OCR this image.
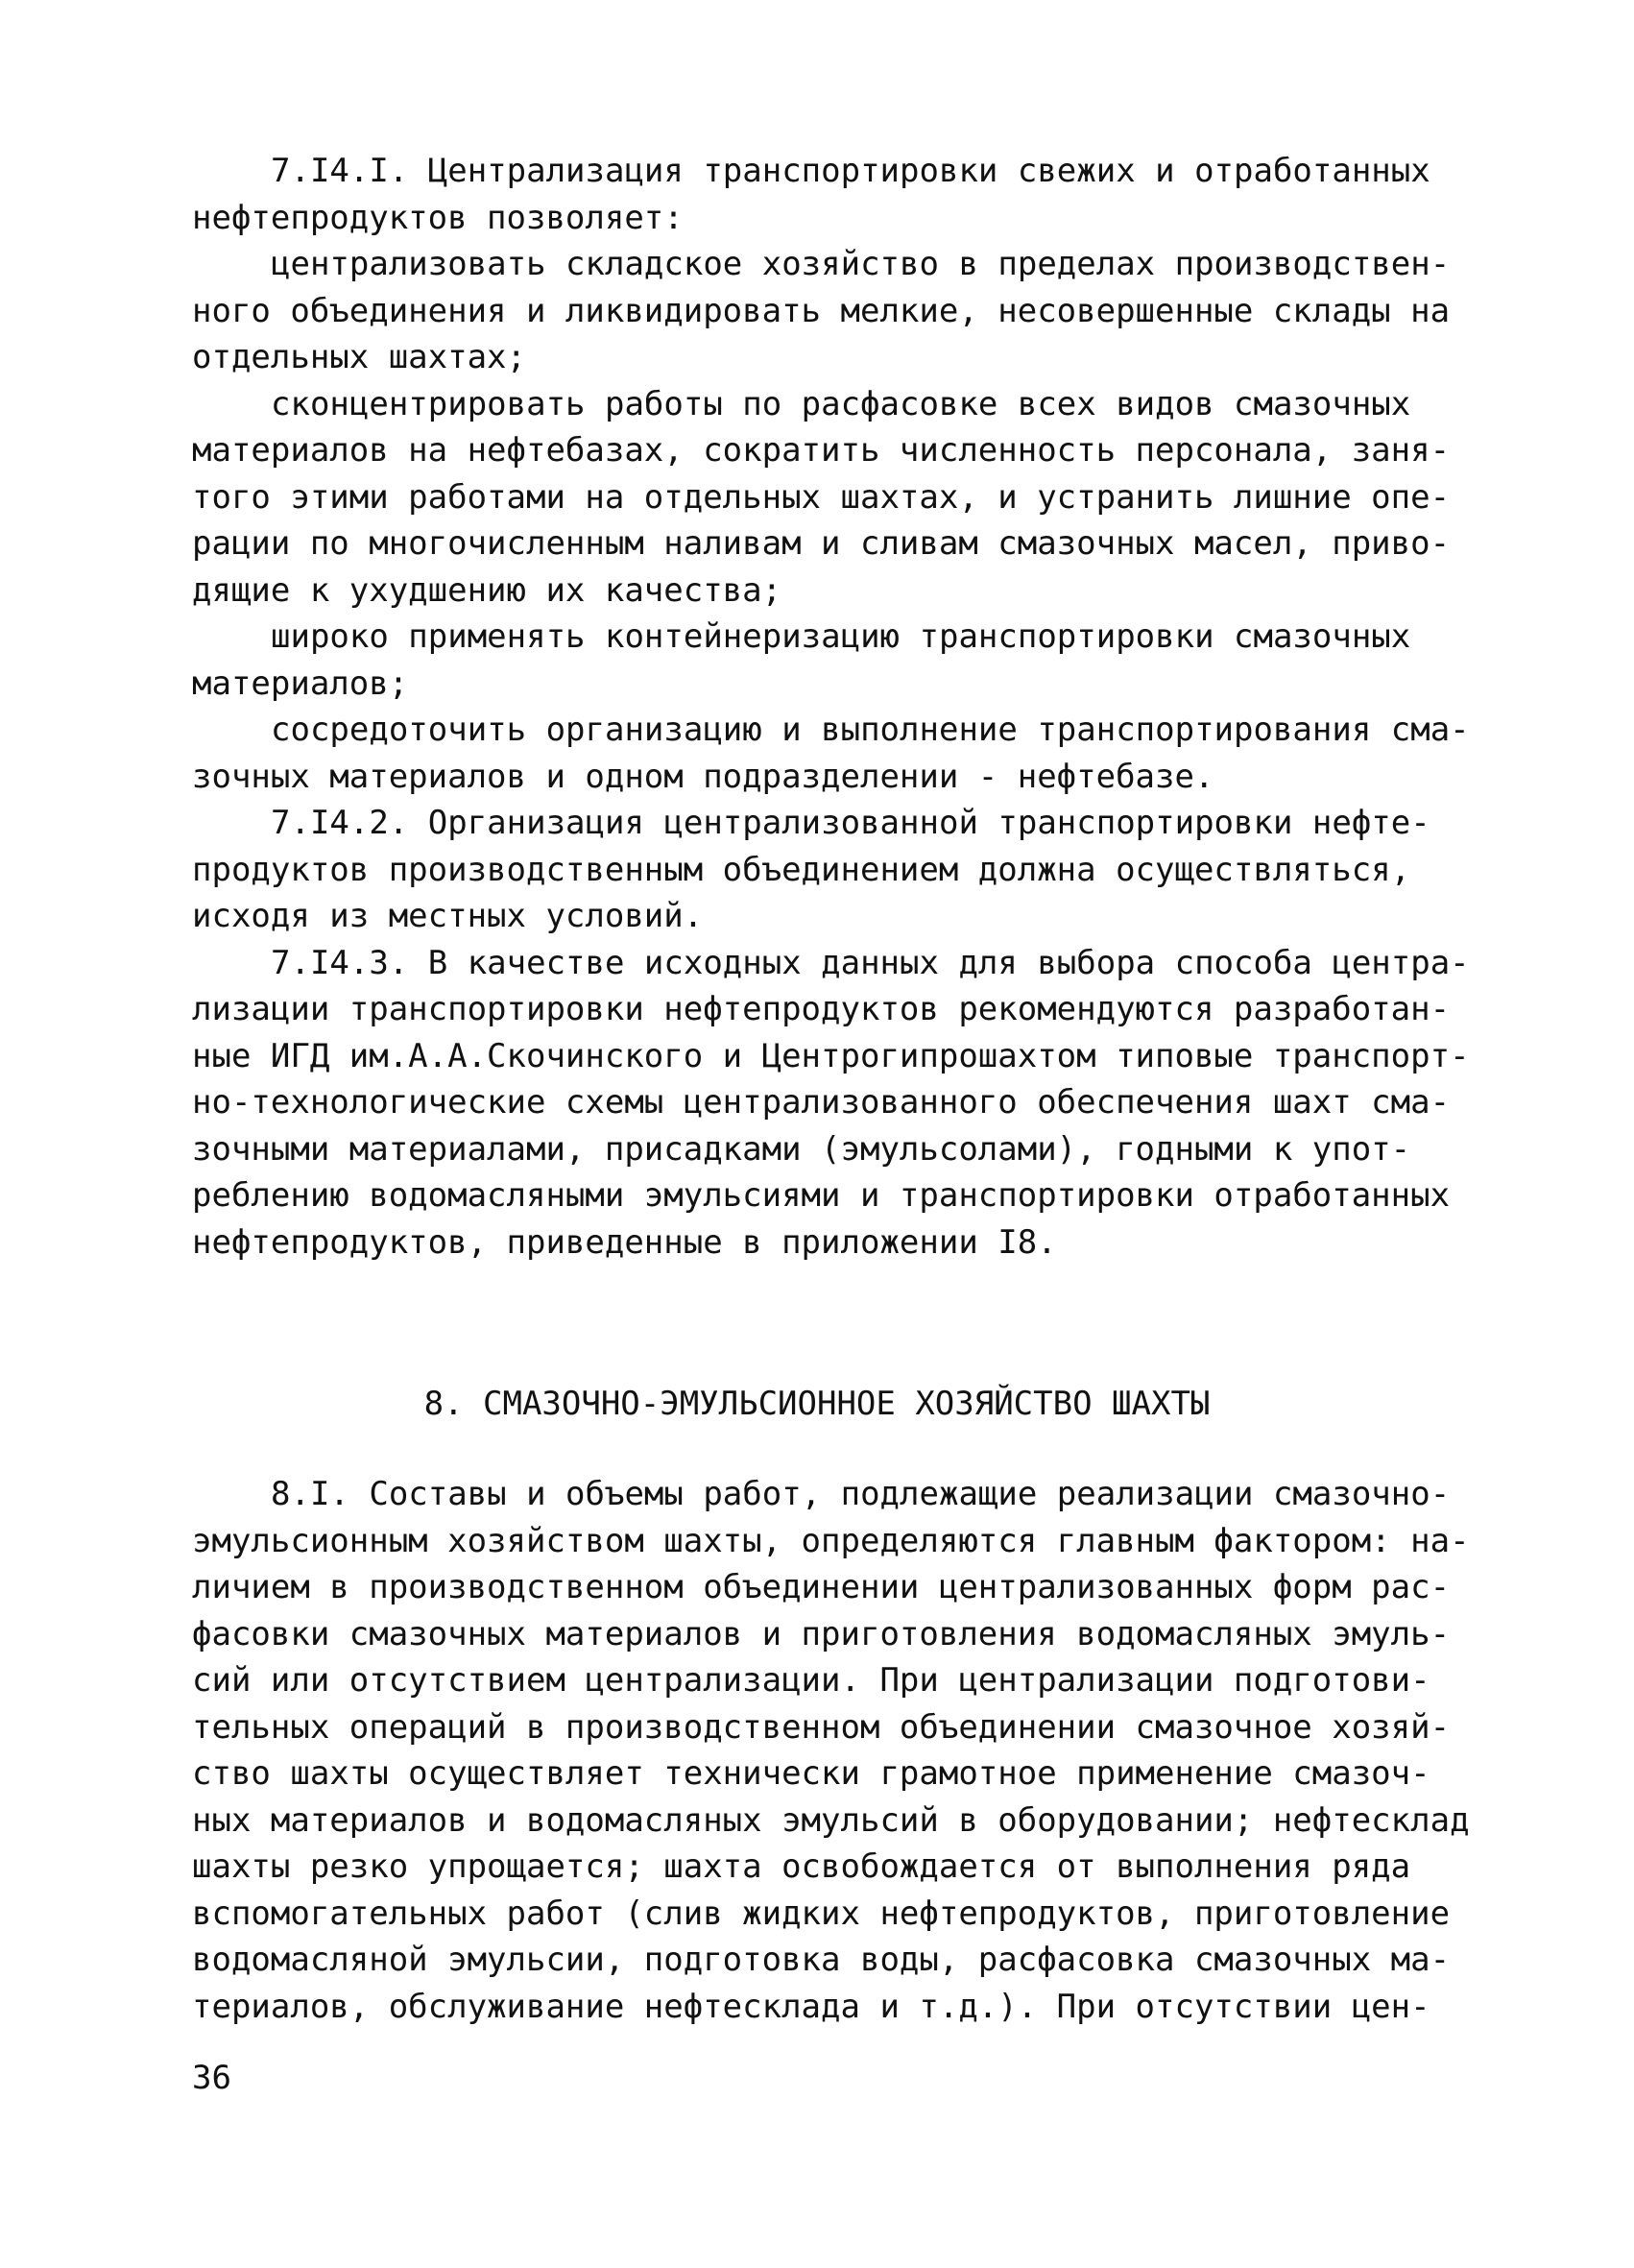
7.I4.I. Централизация транспортировки свежих и отработанных
нефтепродуктов позволяет:

централизовать складское хозяйство в пределах производствен-
ного объединения и ликвидировать мелкие, несовершенные склады на
отдельных шахтах;

сконцентрировать работы по расфасовке всех видов смазочных
материалов на нефтебазах, сократить численность персонала, заня-
того этими работами на отдельных шахтах, и устранить лишние опе-
рации по многочисленным наливам и сливам смазочных масел, приво-
дящие к ухудшению их качества;

широко применять контейнеризацию транспортировки смазочных
материалов;

сосредоточить организацию и выполнение транспортирования сма-
зочных материалов и одном подразделении - нефтебазе.

7.I4.2. Организация централизованной транспортировки нефте-
продуктов производственным объединением должна осуществляться,
исходя из местных условий.

7.I4.3. В качестве исходных данных для выбора способа центра-
лизации транспортировки нефтепродуктов рекомендуются разработан-
ные ИГД им.А.А.Скочинского и Центрогипрошахтом типовые транспорт-
но-технологические схемы централизованного обеспечения шахт сма-
зочными материалами, присадками (эмульсолами), годными к упот-
реблению водомасляными эмульсиями и транспортировки отработанных
нефтепродуктов, приведенные в приложении I8.

8. СМАЗОЧНО-ЭМУЛЬСИОННОЕ ХОЗЯЙСТВО ШАХТЫ

8.I. Составы и объемы работ, подлежащие реализации смазочно-
эмульсионным хозяйством шахты, определяются главным фактором: на-
личием в производственном объединении централизованных форм рас-
фасовки смазочных материалов и приготовления водомасляных эмуль-
сий или отсутствием централизации. При централизации подготови-
тельных операций в производственном объединении смазочное хозяй-
ство шахты осуществляет технически грамотное применение смазоч-
ных материалов и водомасляных эмульсий в оборудовании; нефтесклад
шахты резко упрощается; шахта освобождается от выполнения ряда
вспомогательных работ (слив жидких нефтепродуктов, приготовление
водомасляной эмульсии, подготовка воды, расфасовка смазочных ма-
териалов, обслуживание нефтесклада и т.д.). При отсутствии цен-

36
